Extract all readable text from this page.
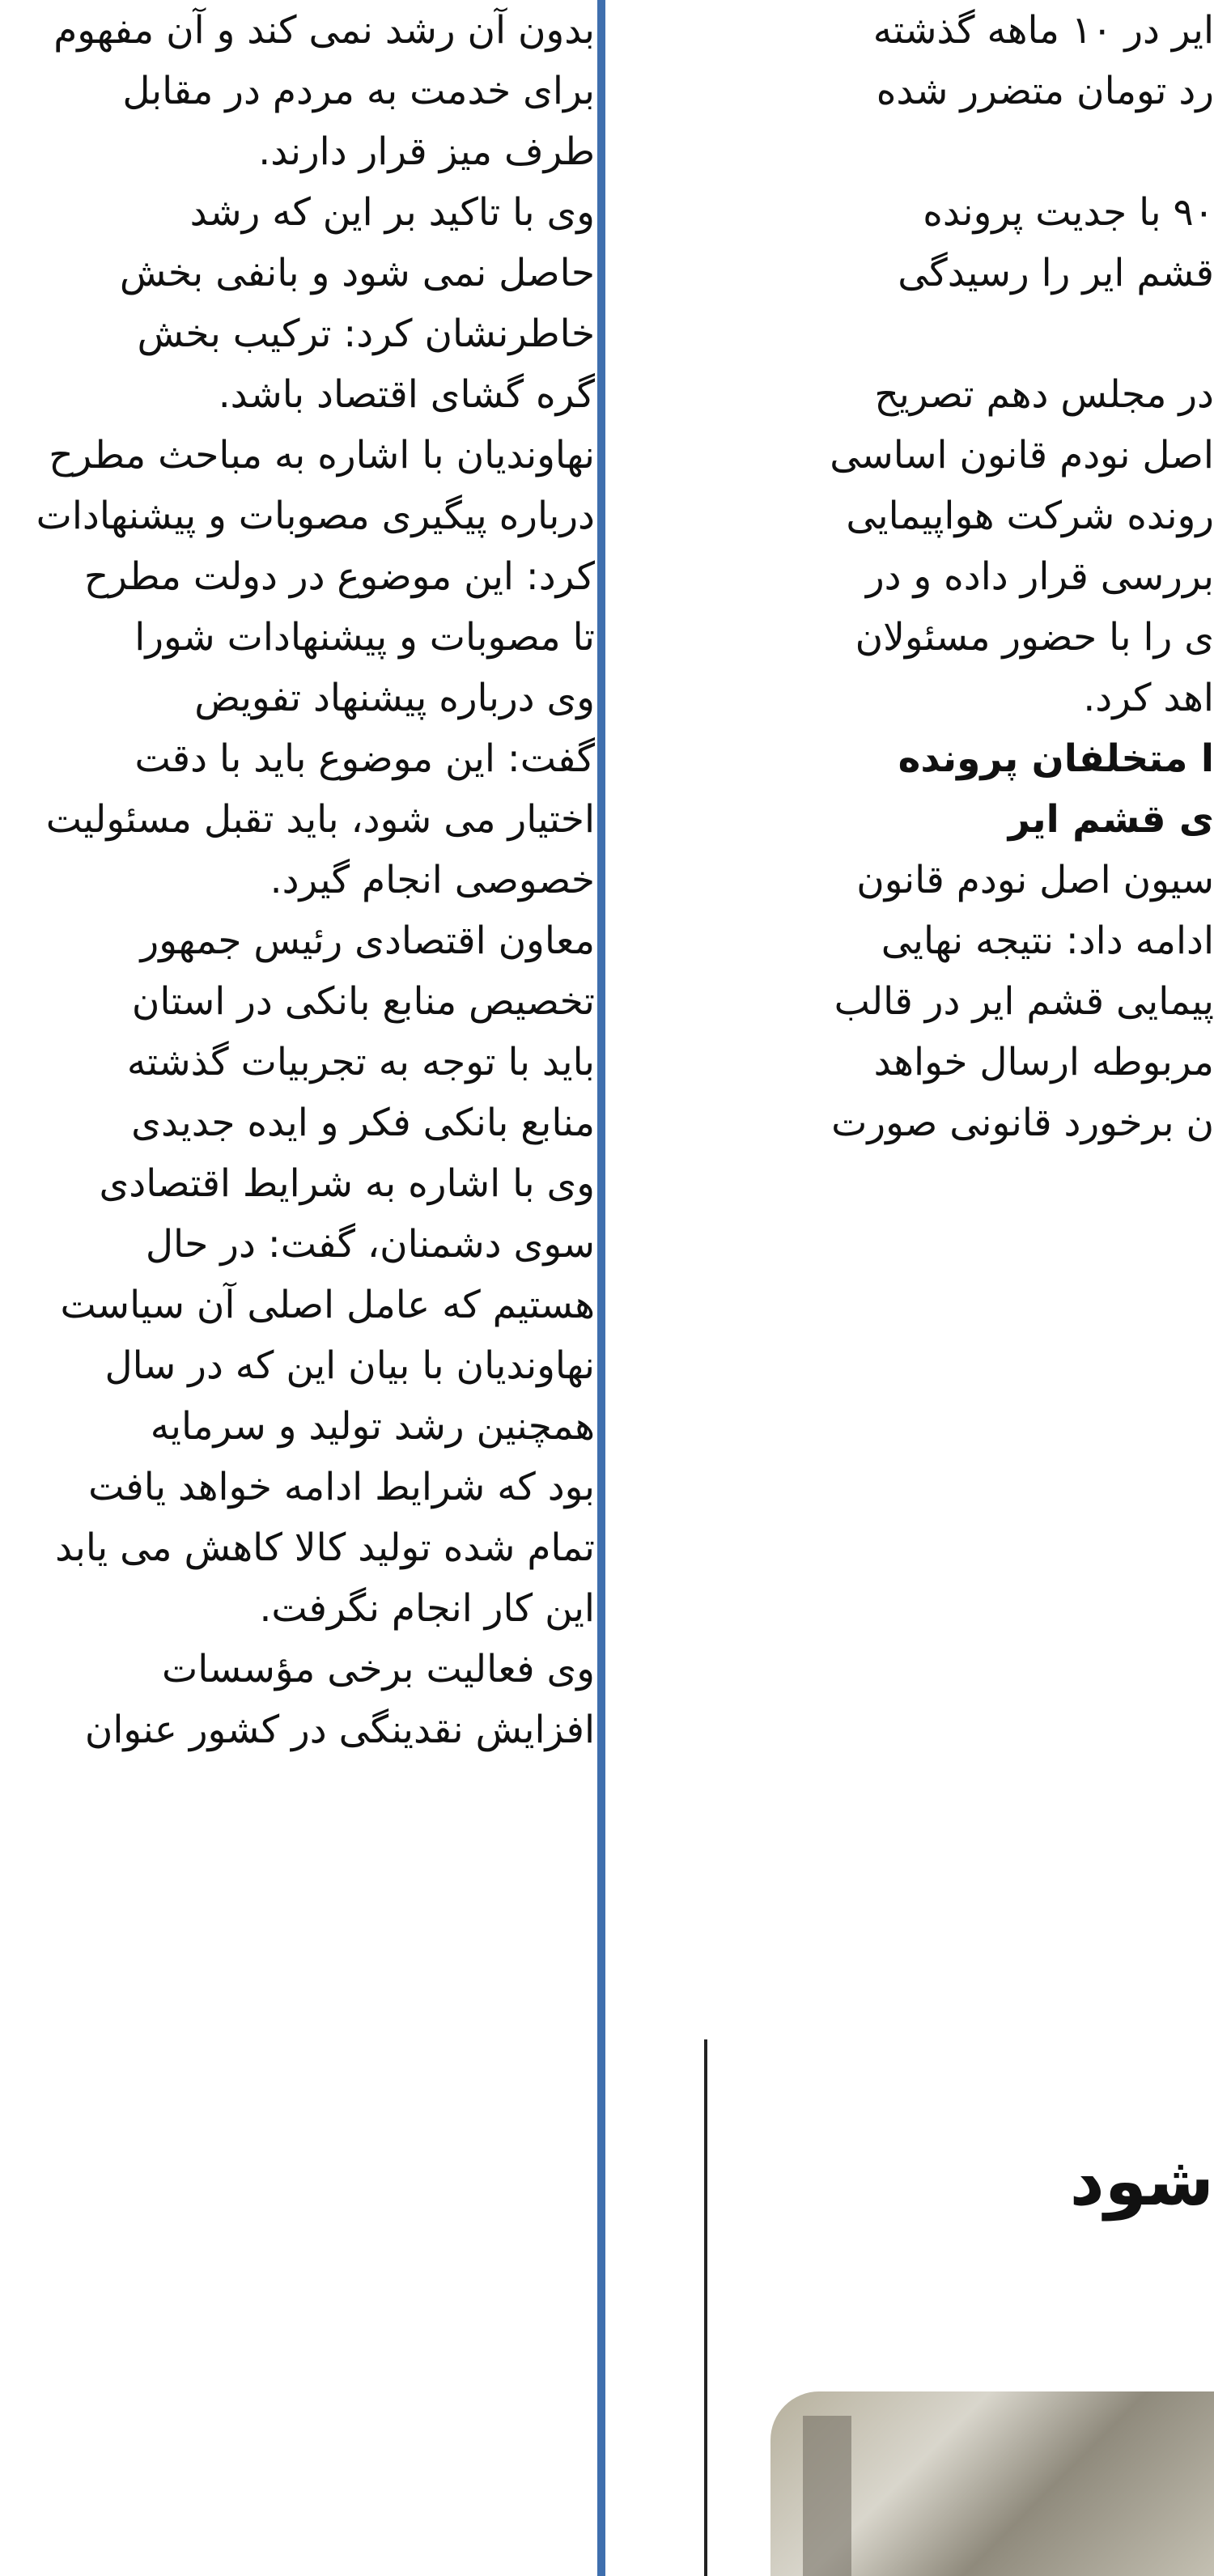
بدون آن رشد نمی کند و آن مفهوم

برای خدمت به مردم در مقابل

طرف میز قرار دارند.

وی با تاکید بر این که رشد

حاصل نمی شود و بانفی بخش

خاطرنشان کرد: ترکیب بخش

گره گشای اقتصاد باشد.

نهاوندیان با اشاره به مباحث مطرح

درباره پیگیری مصوبات و پیشنهادات

کرد: این موضوع در دولت مطرح

تا مصوبات و پیشنهادات شورا

وی درباره پیشنهاد تفویض

گفت: این موضوع باید با دقت

اختیار می شود، باید تقبل مسئولیت

خصوصی انجام گیرد.

معاون اقتصادی رئیس جمهور

تخصیص منابع بانکی در استان

باید با توجه به تجربیات گذشته

منابع بانکی فکر و ایده جدیدی

وی با اشاره به شرایط اقتصادی

سوی دشمنان، گفت: در حال

هستیم که عامل اصلی آن سیاست

نهاوندیان با بیان این که در سال

همچنین رشد تولید و سرمایه

بود که شرایط ادامه خواهد یافت

تمام شده تولید کالا کاهش می یابد

این کار انجام نگرفت.

وی فعالیت برخی مؤسسات

افزایش نقدینگی در کشور عنوان

ایر در ۱۰ ماهه گذشته

رد تومان متضرر شده

۹۰ با جدیت پرونده

قشم ایر را رسیدگی

در مجلس دهم تصریح

اصل نودم قانون اساسی

رونده شرکت هواپیمایی

بررسی قرار داده و در

ی را با حضور مسئولان

اهد کرد.

ا متخلفان پرونده

ی قشم ایر

سیون اصل نودم قانون

ادامه داد: نتیجه نهایی

پیمایی قشم ایر در قالب

مربوطه ارسال خواهد

ن برخورد قانونی صورت

شود
